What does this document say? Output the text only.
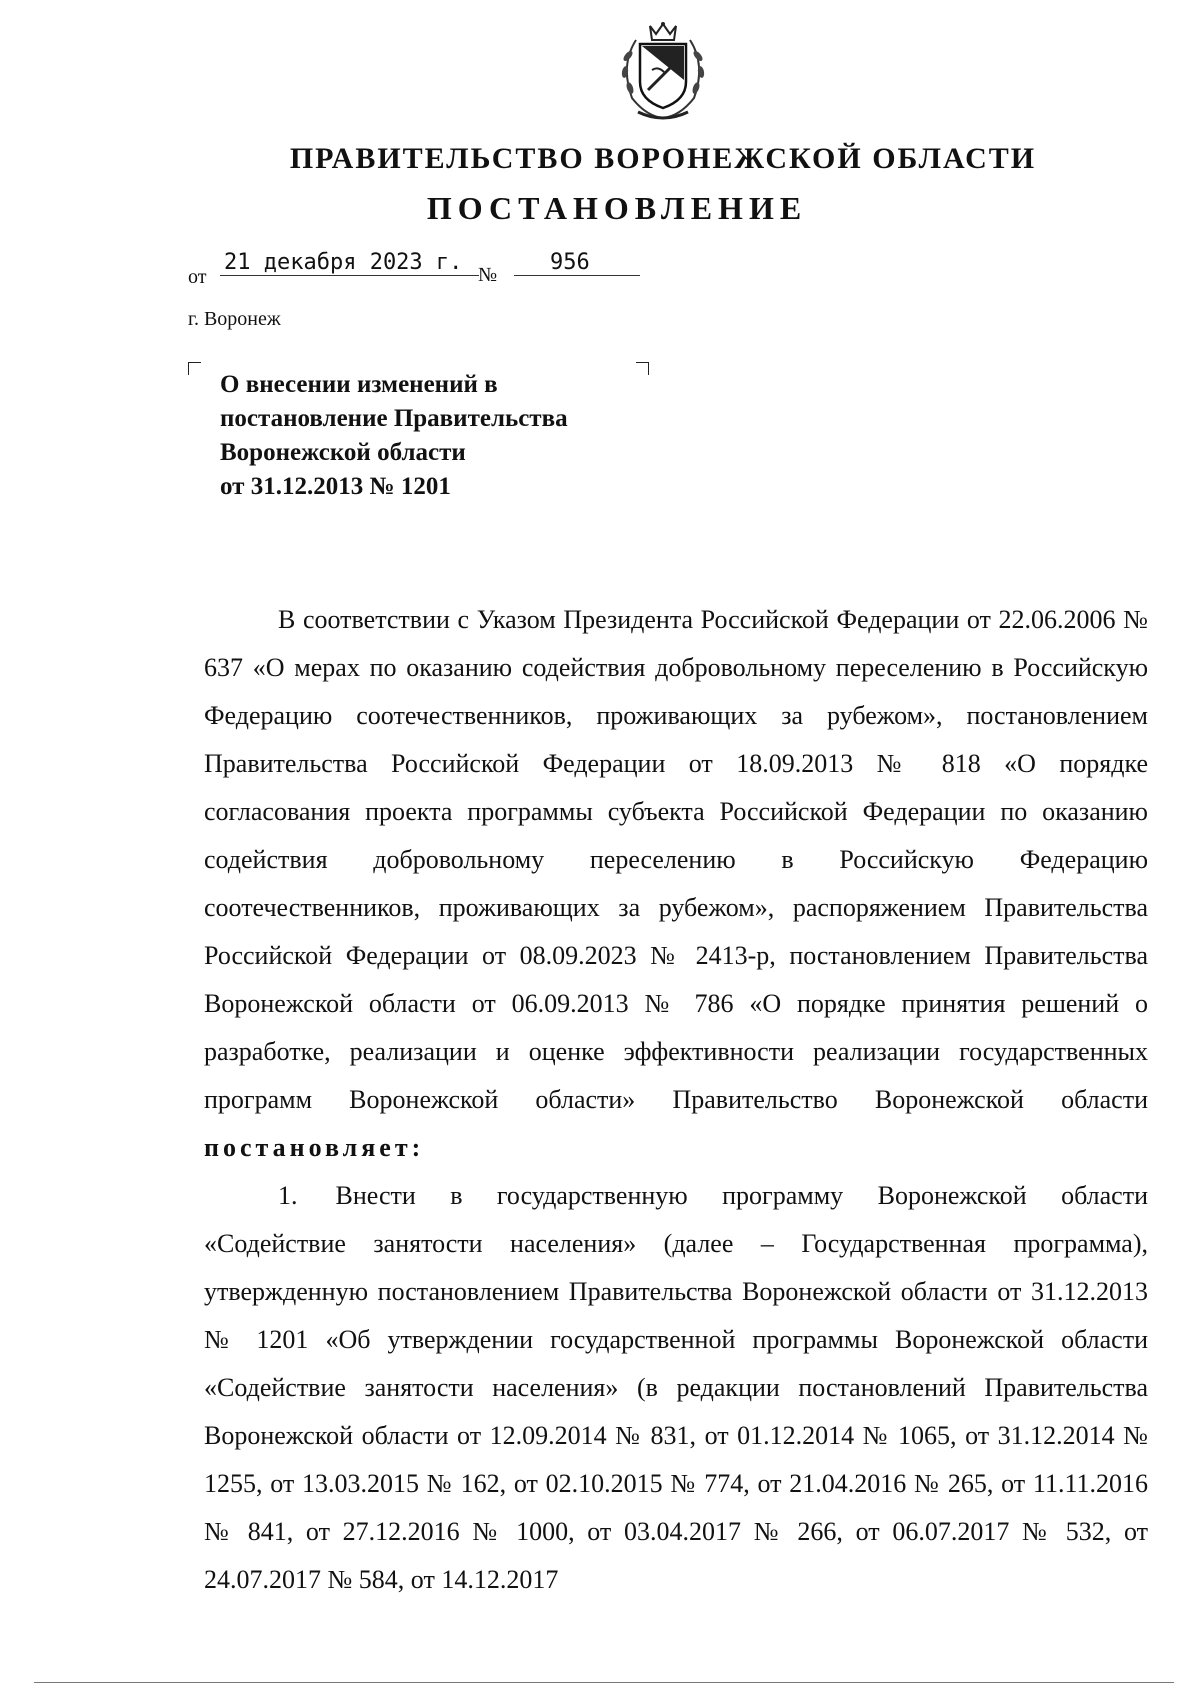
ПРАВИТЕЛЬСТВО ВОРОНЕЖСКОЙ ОБЛАСТИ
ПОСТАНОВЛЕНИЕ
от
21 декабря 2023 г. №	956
г. Воронеж
О внесении изменений в
постановление Правительства
Воронежской области
от 31.12.2013 № 1201

В соответствии с Указом Президента Российской Федерации от 22.06.2006 № 637 «О мерах по оказанию содействия добровольному переселению в Российскую Федерацию соотечественников, проживающих за рубежом», постановлением Правительства Российской Федерации от 18.09.2013 № 818 «О порядке согласования проекта программы субъекта Российской Федерации по оказанию содействия добровольному переселению в Российскую Федерацию соотечественников, проживающих за рубежом», распоряжением Правительства Российской Федерации от 08.09.2023 № 2413-р, постановлением Правительства Воронежской области от 06.09.2013 № 786 «О порядке принятия решений о разработке, реализации и оценке эффективности реализации государственных программ Воронежской области» Правительство Воронежской области постановляет:

1. Внести в государственную программу Воронежской области «Содействие занятости населения» (далее – Государственная программа), утвержденную постановлением Правительства Воронежской области от 31.12.2013 № 1201 «Об утверждении государственной программы Воронежской области «Содействие занятости населения» (в редакции постановлений Правительства Воронежской области от 12.09.2014 № 831, от 01.12.2014 № 1065, от 31.12.2014 № 1255, от 13.03.2015 № 162, от 02.10.2015 № 774, от 21.04.2016 № 265, от 11.11.2016 № 841, от 27.12.2016 № 1000, от 03.04.2017 № 266, от 06.07.2017 № 532, от 24.07.2017 № 584, от 14.12.2017
